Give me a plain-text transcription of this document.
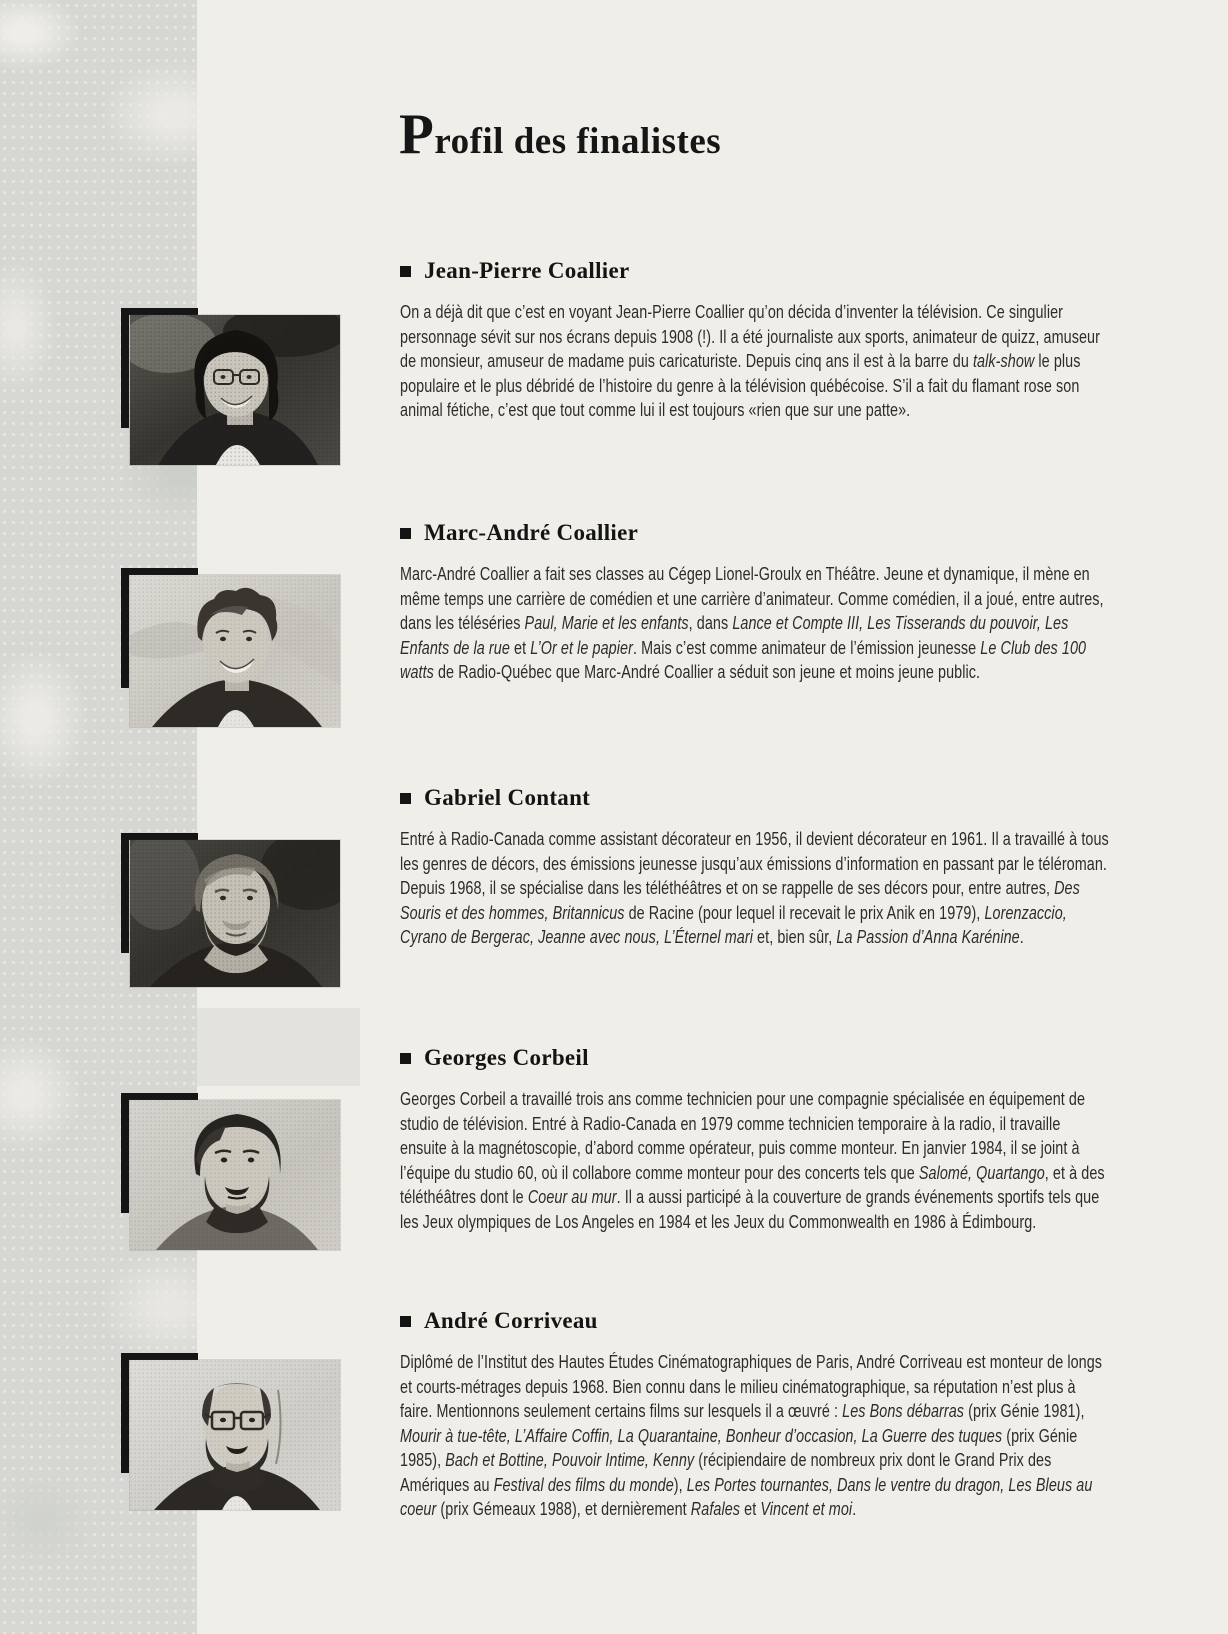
Profil des finalistes
Jean-Pierre Coallier

On a déjà dit que c’est en voyant Jean-Pierre Coallier qu’on décida d’inventer la télévision. Ce singulier personnage sévit sur nos écrans depuis 1908 (!). Il a été journaliste aux sports, animateur de quizz, amuseur de monsieur, amuseur de madame puis caricaturiste. Depuis cinq ans il est à la barre du talk-show le plus populaire et le plus débridé de l’histoire du genre à la télévision québécoise. S’il a fait du flamant rose son animal fétiche, c’est que tout comme lui il est toujours «rien que sur une patte».

Marc-André Coallier

Marc-André Coallier a fait ses classes au Cégep Lionel-Groulx en Théâtre. Jeune et dynamique, il mène en même temps une carrière de comédien et une carrière d’animateur. Comme comédien, il a joué, entre autres, dans les téléséries Paul, Marie et les enfants, dans Lance et Compte III, Les Tisserands du pouvoir, Les Enfants de la rue et L’Or et le papier. Mais c’est comme animateur de l’émission jeunesse Le Club des 100 watts de Radio-Québec que Marc-André Coallier a séduit son jeune et moins jeune public.

Gabriel Contant

Entré à Radio-Canada comme assistant décorateur en 1956, il devient décorateur en 1961. Il a travaillé à tous les genres de décors, des émissions jeunesse jusqu’aux émissions d’information en passant par le téléroman. Depuis 1968, il se spécialise dans les téléthéâtres et on se rappelle de ses décors pour, entre autres, Des Souris et des hommes, Britannicus de Racine (pour lequel il recevait le prix Anik en 1979), Lorenzaccio, Cyrano de Bergerac, Jeanne avec nous, L’Éternel mari et, bien sûr, La Passion d’Anna Karénine.

Georges Corbeil

Georges Corbeil a travaillé trois ans comme technicien pour une compagnie spécialisée en équipement de studio de télévision. Entré à Radio-Canada en 1979 comme technicien temporaire à la radio, il travaille ensuite à la magnétoscopie, d’abord comme opérateur, puis comme monteur. En janvier 1984, il se joint à l’équipe du studio 60, où il collabore comme monteur pour des concerts tels que Salomé, Quartango, et à des téléthéâtres dont le Coeur au mur. Il a aussi participé à la couverture de grands événements sportifs tels que les Jeux olympiques de Los Angeles en 1984 et les Jeux du Commonwealth en 1986 à Édimbourg.

André Corriveau

Diplômé de l’Institut des Hautes Études Cinématographiques de Paris, André Corriveau est monteur de longs et courts-métrages depuis 1968. Bien connu dans le milieu cinématographique, sa réputation n’est plus à faire. Mentionnons seulement certains films sur lesquels il a œuvré : Les Bons débarras (prix Génie 1981), Mourir à tue-tête, L’Affaire Coffin, La Quarantaine, Bonheur d’occasion, La Guerre des tuques (prix Génie 1985), Bach et Bottine, Pouvoir Intime, Kenny (récipiendaire de nombreux prix dont le Grand Prix des Amériques au Festival des films du monde), Les Portes tournantes, Dans le ventre du dragon, Les Bleus au coeur (prix Gémeaux 1988), et dernièrement Rafales et Vincent et moi.
